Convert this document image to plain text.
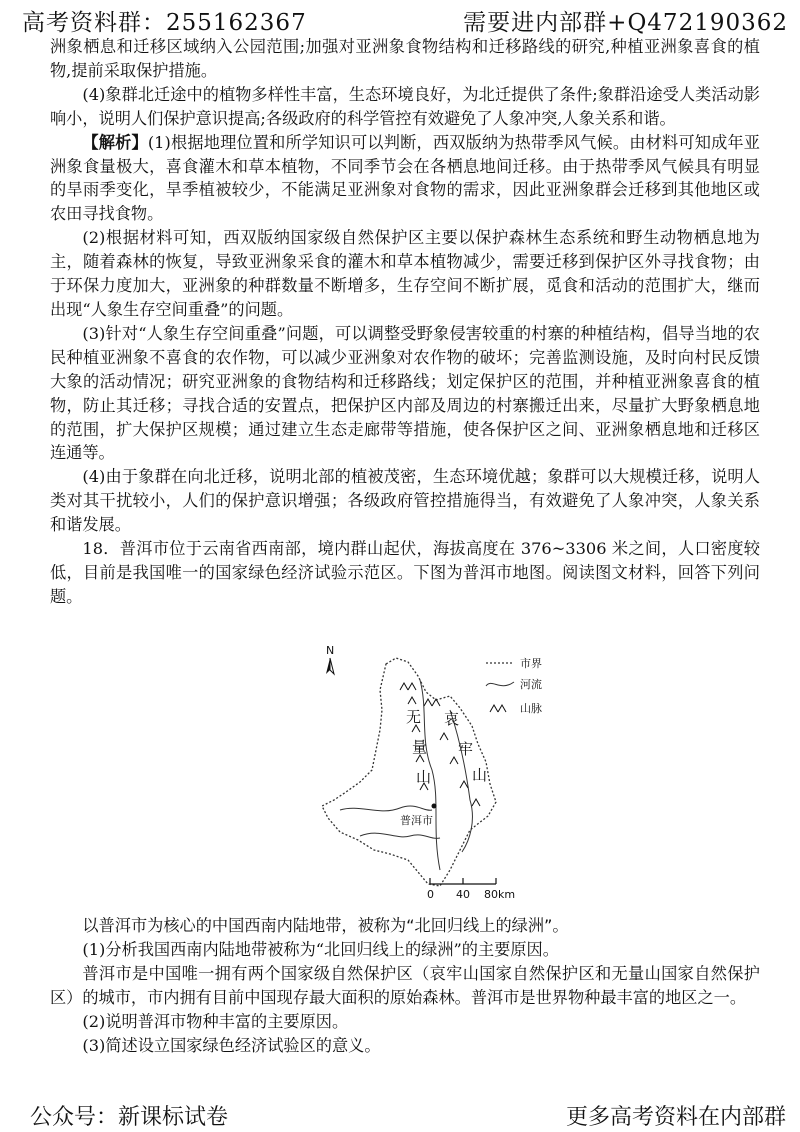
高考资料群：255162367	需要进内部群+Q472190362

洲象栖息和迁移区域纳入公园范围;加强对亚洲象食物结构和迁移路线的研究,种植亚洲象喜食的植物,提前采取保护措施。

(4)象群北迁途中的植物多样性丰富，生态环境良好，为北迁提供了条件;象群沿途受人类活动影响小，说明人们保护意识提高;各级政府的科学管控有效避免了人象冲突,人象关系和谐。

【解析】(1)根据地理位置和所学知识可以判断，西双版纳为热带季风气候。由材料可知成年亚洲象食量极大，喜食灌木和草本植物，不同季节会在各栖息地间迁移。由于热带季风气候具有明显的旱雨季变化，旱季植被较少，不能满足亚洲象对食物的需求，因此亚洲象群会迁移到其他地区或农田寻找食物。

(2)根据材料可知，西双版纳国家级自然保护区主要以保护森林生态系统和野生动物栖息地为主，随着森林的恢复，导致亚洲象采食的灌木和草本植物减少，需要迁移到保护区外寻找食物；由于环保力度加大，亚洲象的种群数量不断增多，生存空间不断扩展，觅食和活动的范围扩大，继而出现“人象生存空间重叠”的问题。

(3)针对“人象生存空间重叠”问题，可以调整受野象侵害较重的村寨的种植结构，倡导当地的农民种植亚洲象不喜食的农作物，可以减少亚洲象对农作物的破坏；完善监测设施，及时向村民反馈大象的活动情况；研究亚洲象的食物结构和迁移路线；划定保护区的范围，并种植亚洲象喜食的植物，防止其迁移；寻找合适的安置点，把保护区内部及周边的村寨搬迁出来，尽量扩大野象栖息地的范围，扩大保护区规模；通过建立生态走廊带等措施，使各保护区之间、亚洲象栖息地和迁移区连通等。

(4)由于象群在向北迁移，说明北部的植被茂密，生态环境优越；象群可以大规模迁移，说明人类对其干扰较小，人们的保护意识增强；各级政府管控措施得当，有效避免了人象冲突，人象关系和谐发展。

18．普洱市位于云南省西南部，境内群山起伏，海拔高度在 376~3306 米之间，人口密度较低，目前是我国唯一的国家绿色经济试验示范区。下图为普洱市地图。阅读图文材料，回答下列问题。

N
无
量
山
哀
牢
山
普洱市
市界
河流
山脉
0 40 80km

以普洱市为核心的中国西南内陆地带，被称为“北回归线上的绿洲”。

(1)分析我国西南内陆地带被称为“北回归线上的绿洲”的主要原因。

普洱市是中国唯一拥有两个国家级自然保护区（哀牢山国家自然保护区和无量山国家自然保护区）的城市，市内拥有目前中国现存最大面积的原始森林。普洱市是世界物种最丰富的地区之一。

(2)说明普洱市物种丰富的主要原因。

(3)简述设立国家绿色经济试验区的意义。

公众号：新课标试卷	更多高考资料在内部群
